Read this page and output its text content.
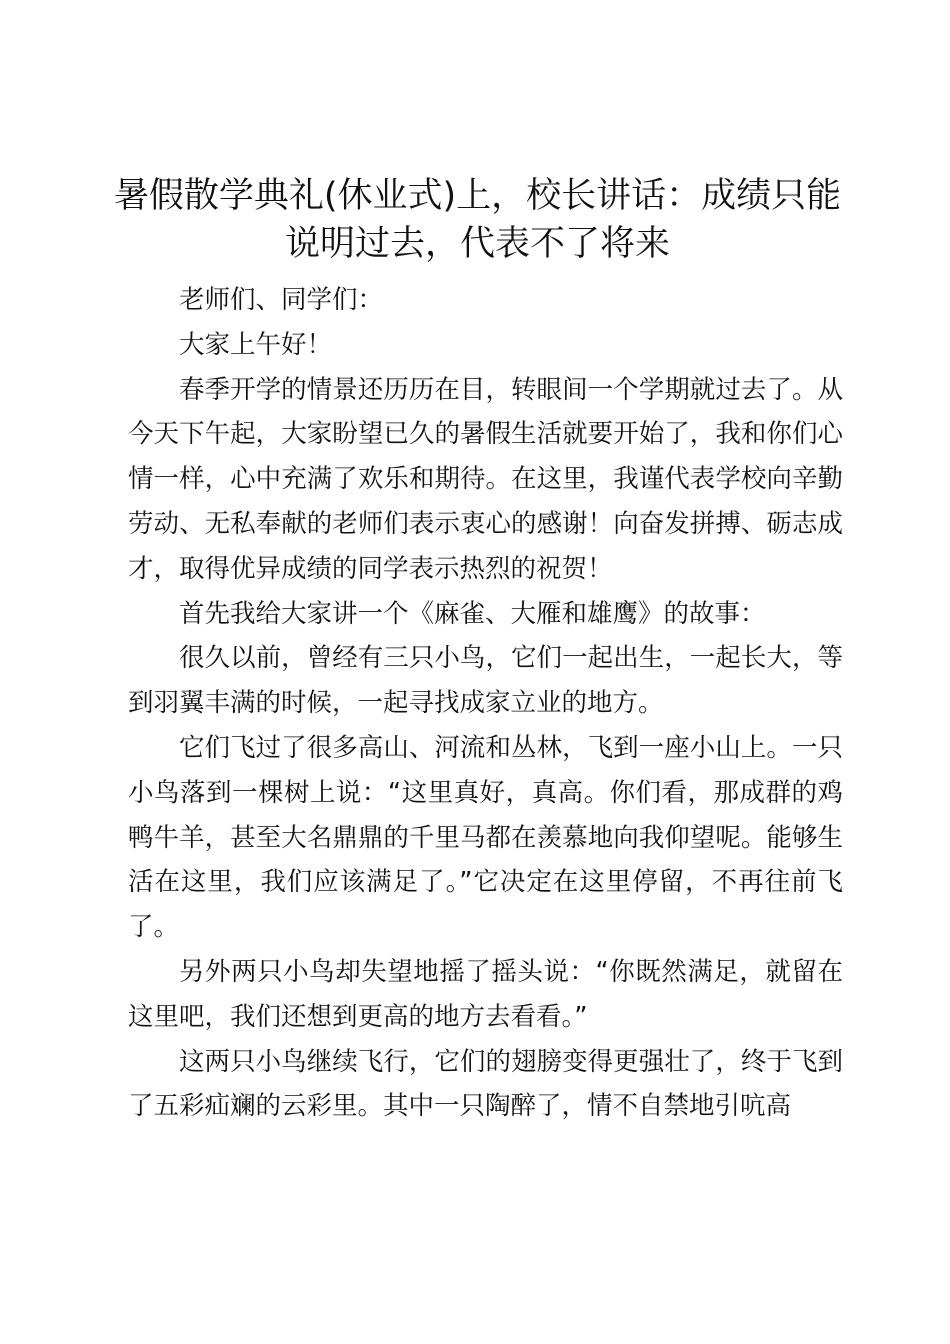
暑假散学典礼(休业式)上，校长讲话：成绩只能说明过去，代表不了将来

老师们、同学们：

大家上午好！

春季开学的情景还历历在目，转眼间一个学期就过去了。从今天下午起，大家盼望已久的暑假生活就要开始了，我和你们心情一样，心中充满了欢乐和期待。在这里，我谨代表学校向辛勤劳动、无私奉献的老师们表示衷心的感谢！向奋发拼搏、砺志成才，取得优异成绩的同学表示热烈的祝贺！

首先我给大家讲一个《麻雀、大雁和雄鹰》的故事：

很久以前，曾经有三只小鸟，它们一起出生，一起长大，等到羽翼丰满的时候，一起寻找成家立业的地方。

它们飞过了很多高山、河流和丛林，飞到一座小山上。一只小鸟落到一棵树上说：“这里真好，真高。你们看，那成群的鸡鸭牛羊，甚至大名鼎鼎的千里马都在羡慕地向我仰望呢。能够生活在这里，我们应该满足了。”它决定在这里停留，不再往前飞了。

另外两只小鸟却失望地摇了摇头说：“你既然满足，就留在这里吧，我们还想到更高的地方去看看。”

这两只小鸟继续飞行，它们的翅膀变得更强壮了，终于飞到了五彩疝斓的云彩里。其中一只陶醉了，情不自禁地引吭高
